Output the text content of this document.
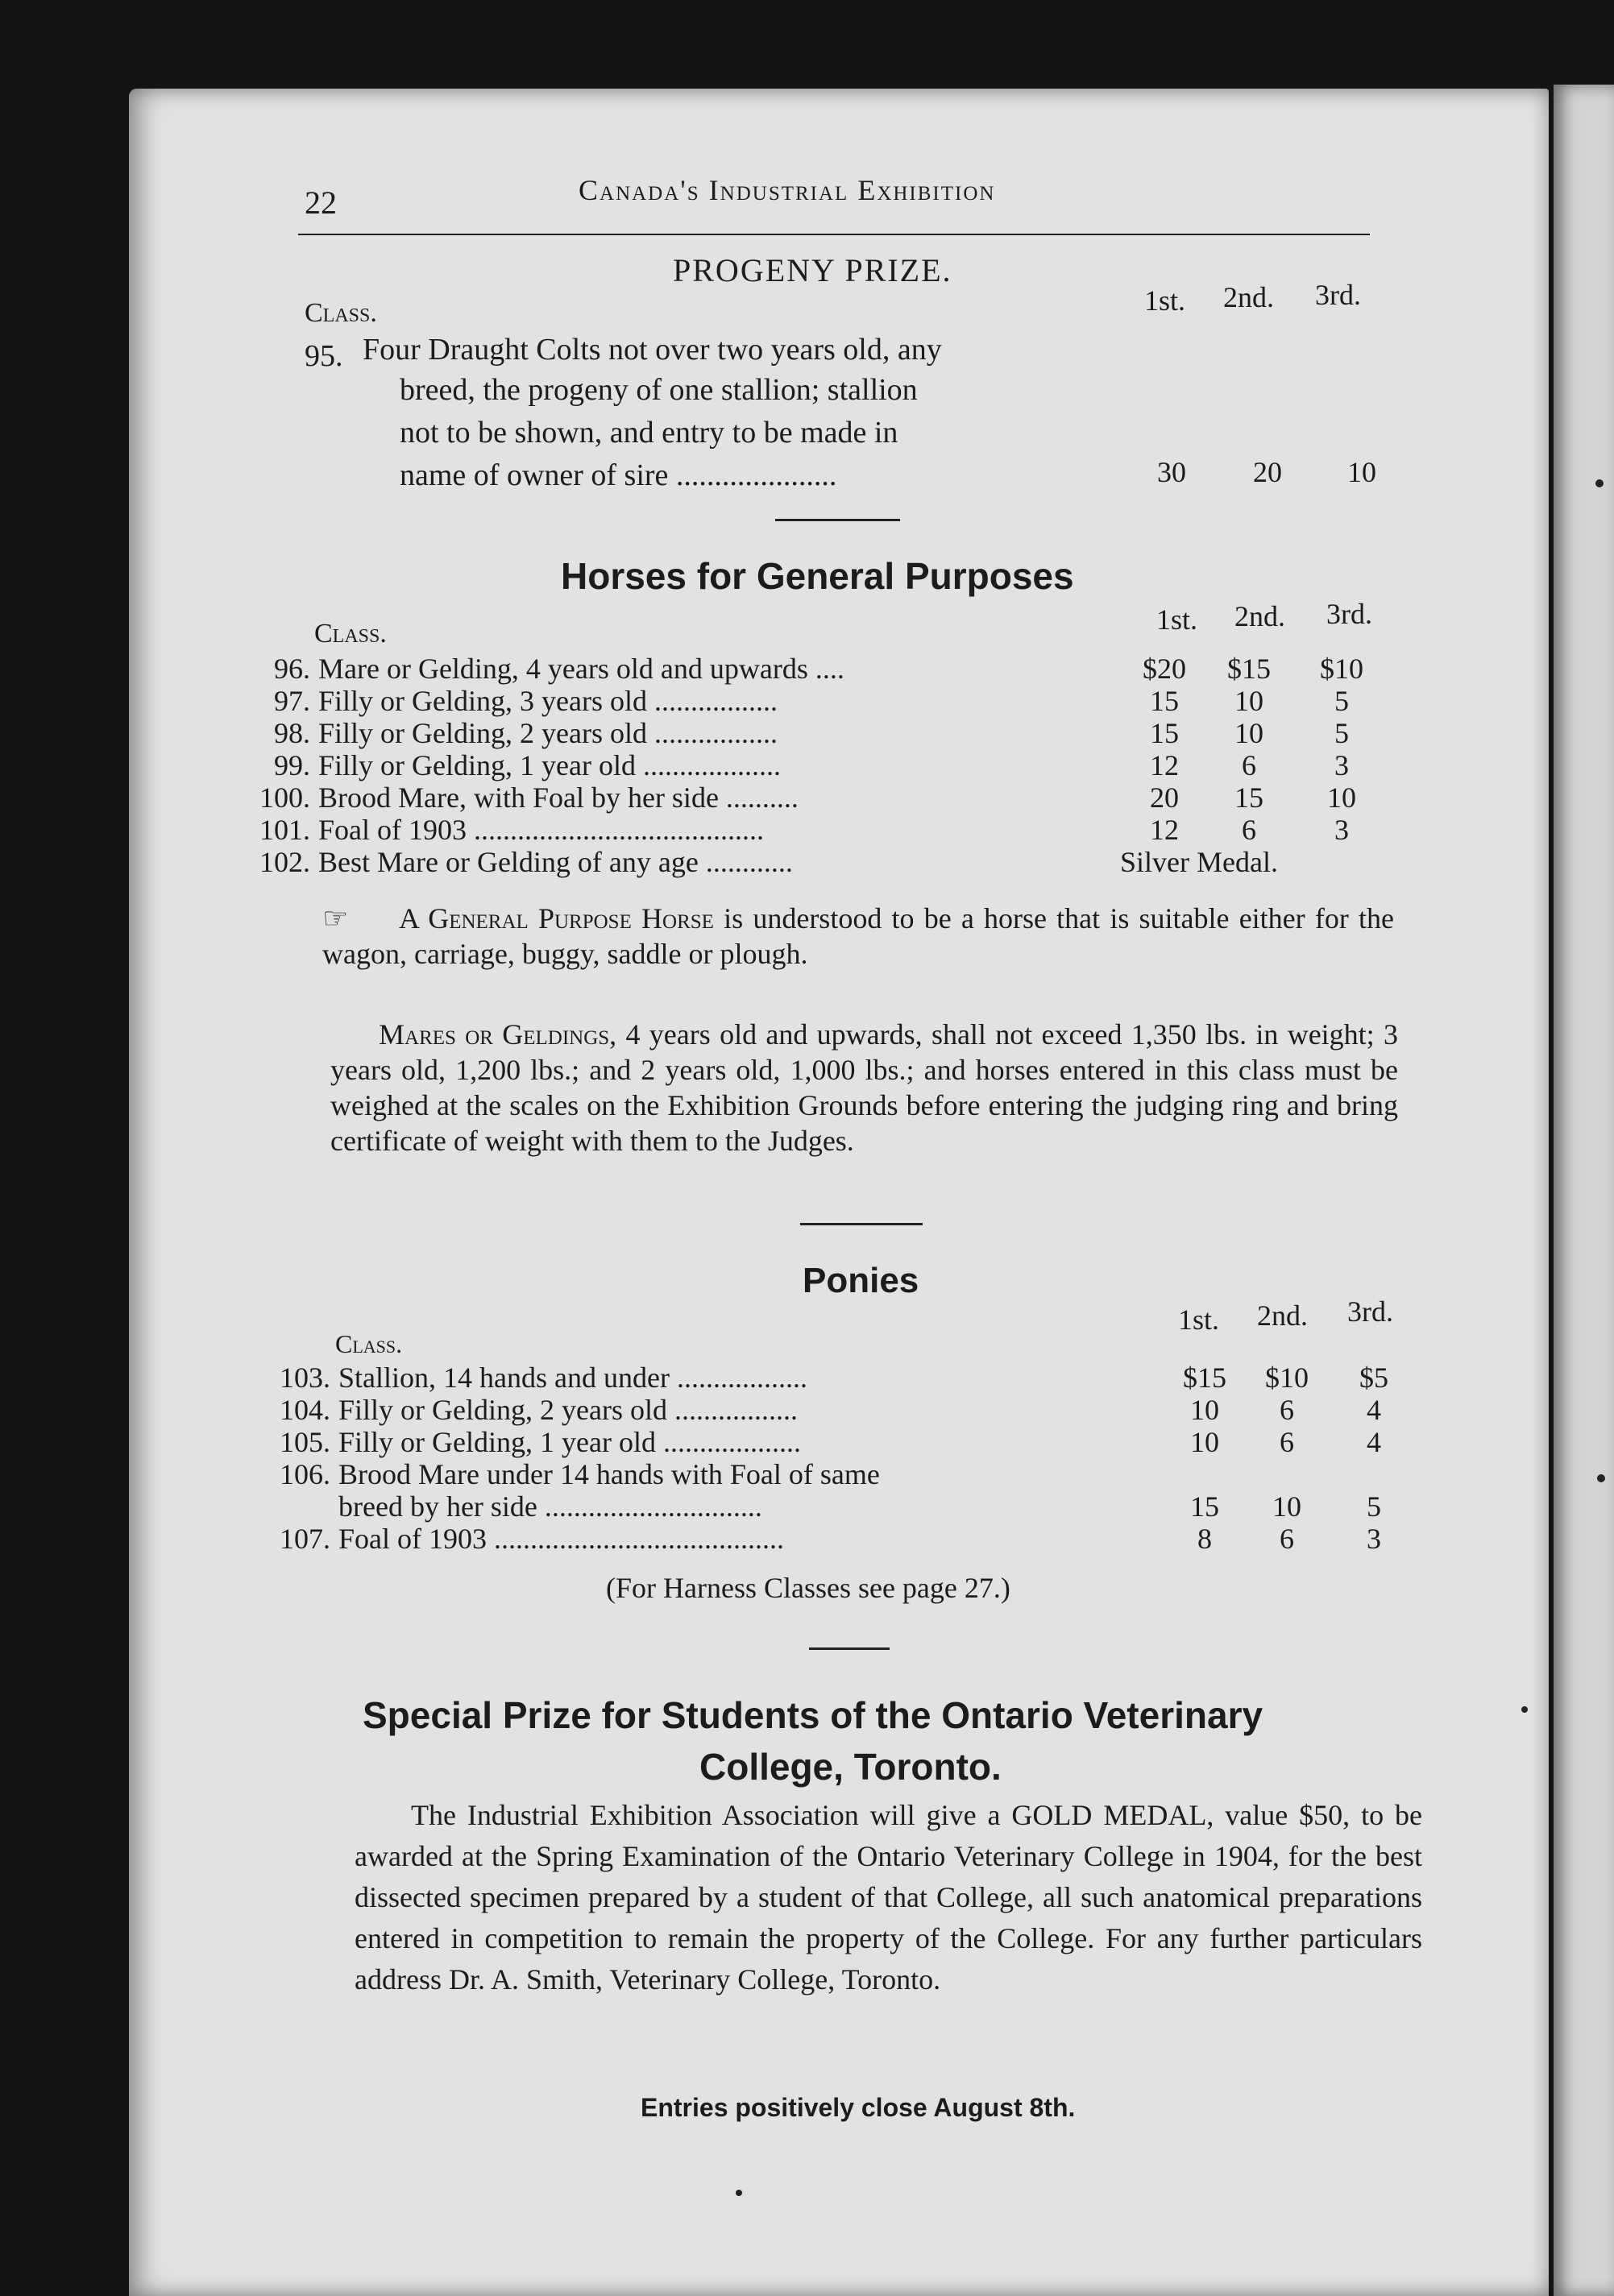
22	Canada's Industrial Exhibition
PROGENY PRIZE.
Class.	1st. 2nd. 3rd.
95. Four Draught Colts not over two years old, any
breed, the progeny of one stallion; stallion
not to be shown, and entry to be made in
name of owner of sire .....................	30 20 10
Horses for General Purposes
Class.	1st. 2nd. 3rd.
96. Mare or Gelding, 4 years old and upwards ....	$20	$15	$10
97. Filly or Gelding, 3 years old .................	15	10	5
98. Filly or Gelding, 2 years old .................	15	10	5
99. Filly or Gelding, 1 year old ...................	12	6	3
100. Brood Mare, with Foal by her side ..........	20	15	10
101. Foal of 1903 ........................................	12	6	3
102. Best Mare or Gelding of any age ............	Silver Medal.
☞ A General Purpose Horse is understood to be a horse that is suitable either for the wagon, carriage, buggy, saddle or plough.
Mares or Geldings, 4 years old and upwards, shall not exceed 1,350 lbs. in weight; 3 years old, 1,200 lbs.; and 2 years old, 1,000 lbs.; and horses entered in this class must be weighed at the scales on the Exhibition Grounds before entering the judging ring and bring certificate of weight with them to the Judges.
Ponies
Class.
1st. 2nd. 3rd.
103. Stallion, 14 hands and under ..................	$15	$10	$5
104. Filly or Gelding, 2 years old .................	10	6	4
105. Filly or Gelding, 1 year old ...................	10	6	4
106. Brood Mare under 14 hands with Foal of same
breed by her side ..............................	15	10	5
107. Foal of 1903 ........................................	8	6	3
(For Harness Classes see page 27.)
Special Prize for Students of the Ontario Veterinary
College, Toronto.
The Industrial Exhibition Association will give a GOLD MEDAL, value $50, to be awarded at the Spring Examination of the Ontario Veterinary College in 1904, for the best dissected specimen prepared by a student of that College, all such anatomical preparations entered in competition to remain the property of the College. For any further particulars address Dr. A. Smith, Veterinary College, Toronto.
Entries positively close August 8th.
